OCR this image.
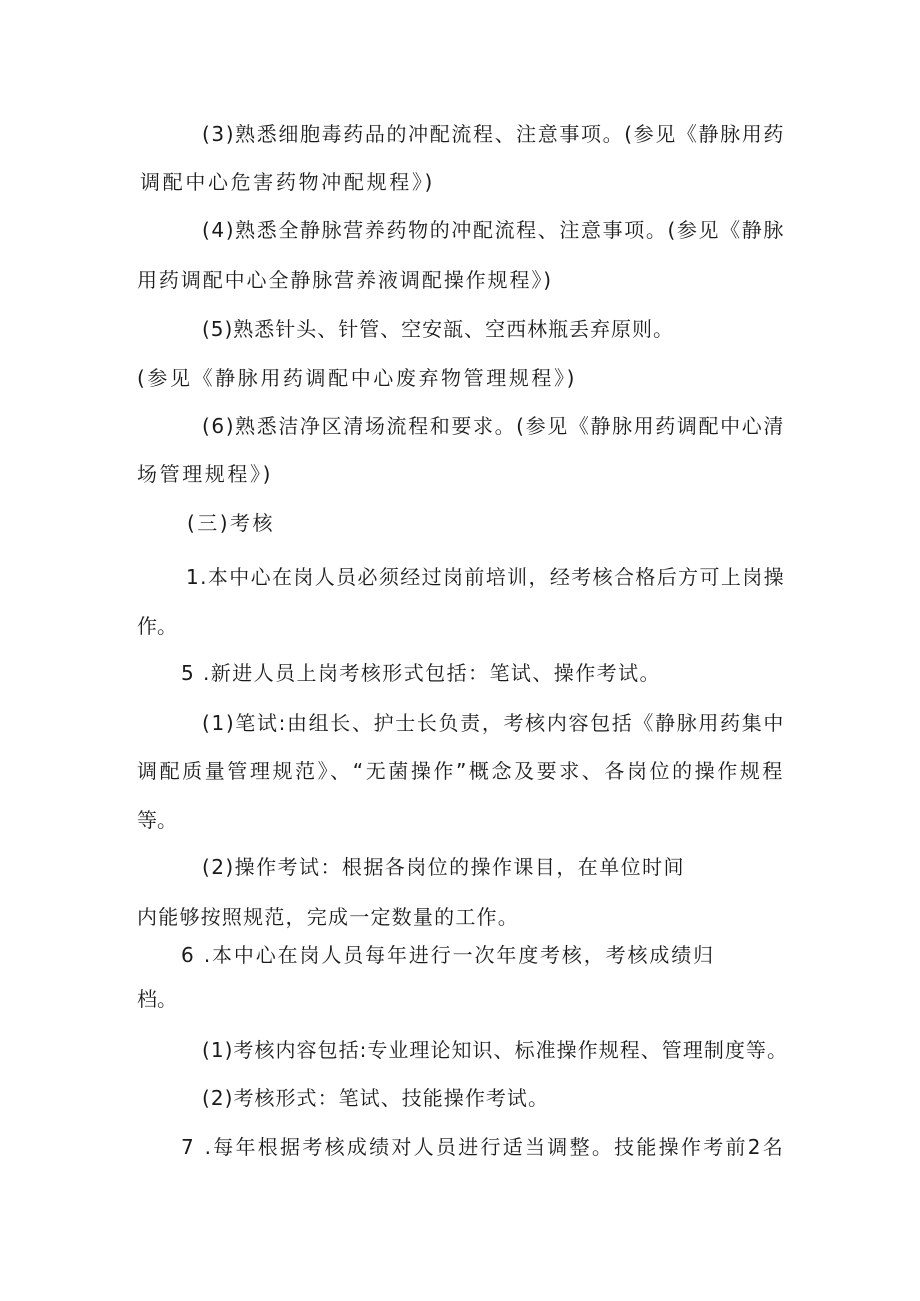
(3)熟悉细胞毒药品的冲配流程、注意事项。(参见《静脉用药

调配中心危害药物冲配规程》)

(4)熟悉全静脉营养药物的冲配流程、注意事项。(参见《静脉

用药调配中心全静脉营养液调配操作规程》)

(5)熟悉针头、针管、空安瓿、空西林瓶丢弃原则。

(参见《静脉用药调配中心废弃物管理规程》)

(6)熟悉洁净区清场流程和要求。(参见《静脉用药调配中心清

场管理规程》)

(三)考核

1.本中心在岗人员必须经过岗前培训，经考核合格后方可上岗操

作。

5 .新进人员上岗考核形式包括：笔试、操作考试。

(1)笔试:由组长、护士长负责，考核内容包括《静脉用药集中

调配质量管理规范》、“无菌操作”概念及要求、各岗位的操作规程

等。

(2)操作考试：根据各岗位的操作课目，在单位时间

内能够按照规范，完成一定数量的工作。

6 .本中心在岗人员每年进行一次年度考核，考核成绩归

档。

(1)考核内容包括:专业理论知识、标准操作规程、管理制度等。

(2)考核形式：笔试、技能操作考试。

7 .每年根据考核成绩对人员进行适当调整。技能操作考前2名
